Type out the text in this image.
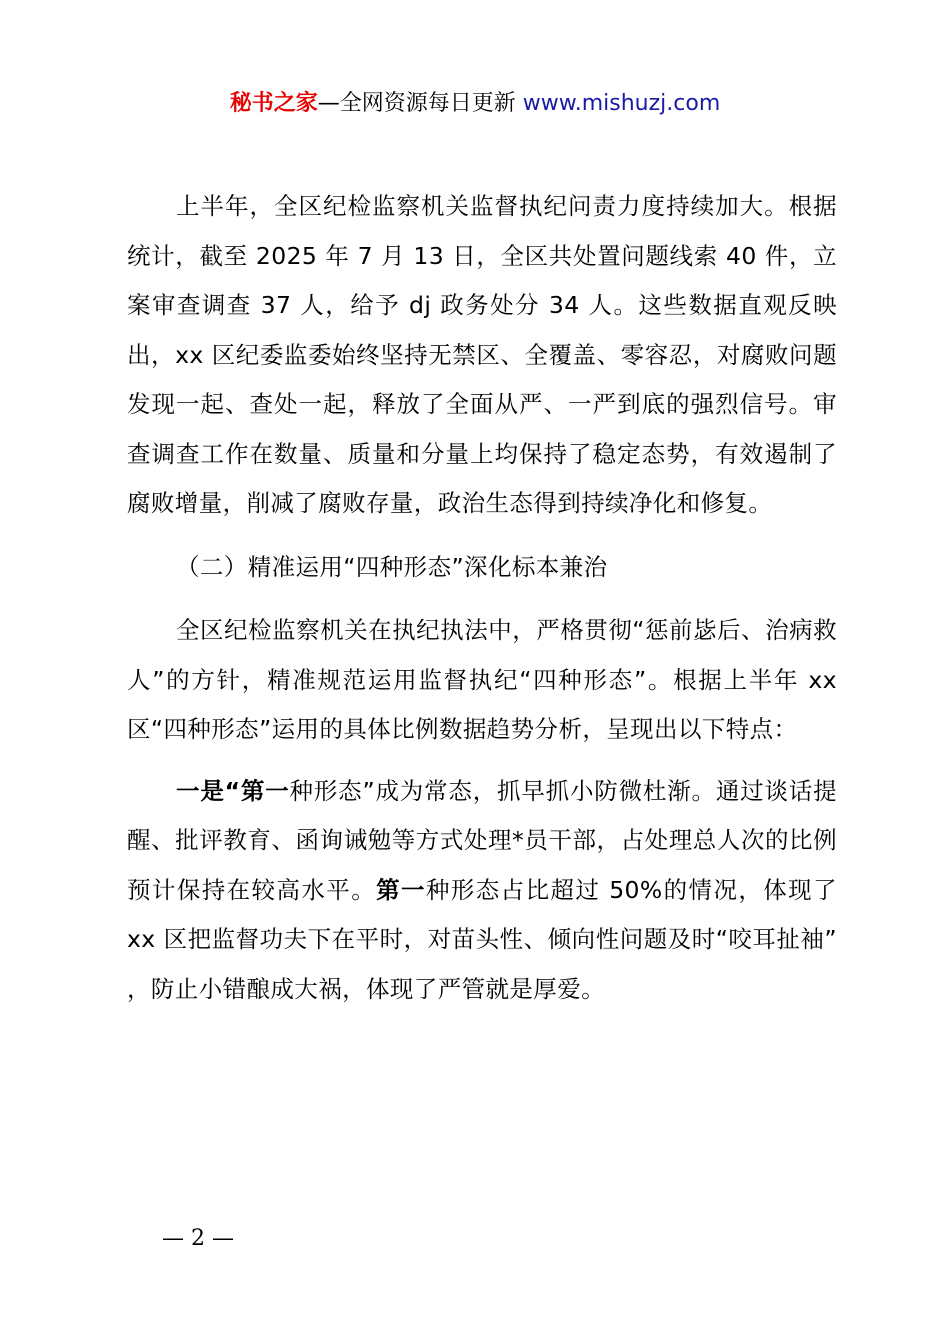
秘书之家—全网资源每日更新 www.mishuzj.com

上半年，全区纪检监察机关监督执纪问责力度持续加大。根据统计，截至 2025 年 7 月 13 日，全区共处置问题线索 40 件，立案审查调查 37 人，给予 dj 政务处分 34 人。这些数据直观反映出，xx 区纪委监委始终坚持无禁区、全覆盖、零容忍，对腐败问题发现一起、查处一起，释放了全面从严、一严到底的强烈信号。审查调查工作在数量、质量和分量上均保持了稳定态势，有效遏制了腐败增量，削减了腐败存量，政治生态得到持续净化和修复。

（二）精准运用“四种形态”深化标本兼治

全区纪检监察机关在执纪执法中，严格贯彻“惩前毖后、治病救人”的方针，精准规范运用监督执纪“四种形态”。根据上半年 xx 区“四种形态”运用的具体比例数据趋势分析，呈现出以下特点：

一是“第一种形态”成为常态，抓早抓小防微杜渐。通过谈话提醒、批评教育、函询诫勉等方式处理*员干部，占处理总人次的比例预计保持在较高水平。第一种形态占比超过 50%的情况，体现了 xx 区把监督功夫下在平时，对苗头性、倾向性问题及时“咬耳扯袖” ，防止小错酿成大祸，体现了严管就是厚爱。

— 2 —
